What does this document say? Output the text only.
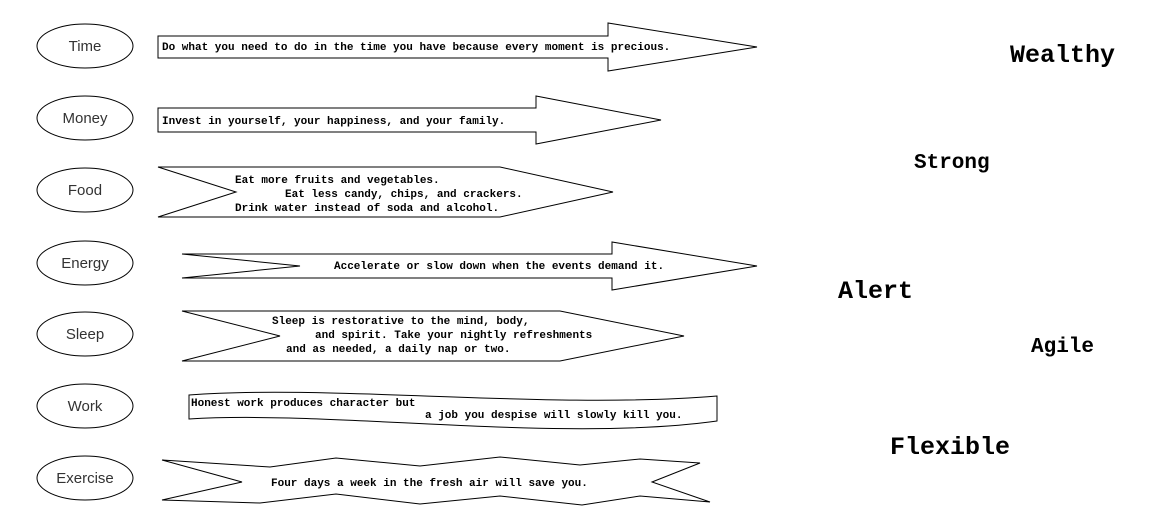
Time	Do what you need to do in the time you have because every moment is precious.
Money	Invest in yourself, your happiness, and your family.
Food
Eat more fruits and vegetables.
Eat less candy, chips, and crackers.
Drink water instead of soda and alcohol.
Energy	Accelerate or slow down when the events demand it.
Sleep
Sleep is restorative to the mind, body,
and spirit. Take your nightly refreshments
and as needed, a daily nap or two.
Work	Honest work produces character but
a job you despise will slowly kill you.
Exercise	Four days a week in the fresh air will save you.
Wealthy
Strong
Alert
Agile
Flexible
